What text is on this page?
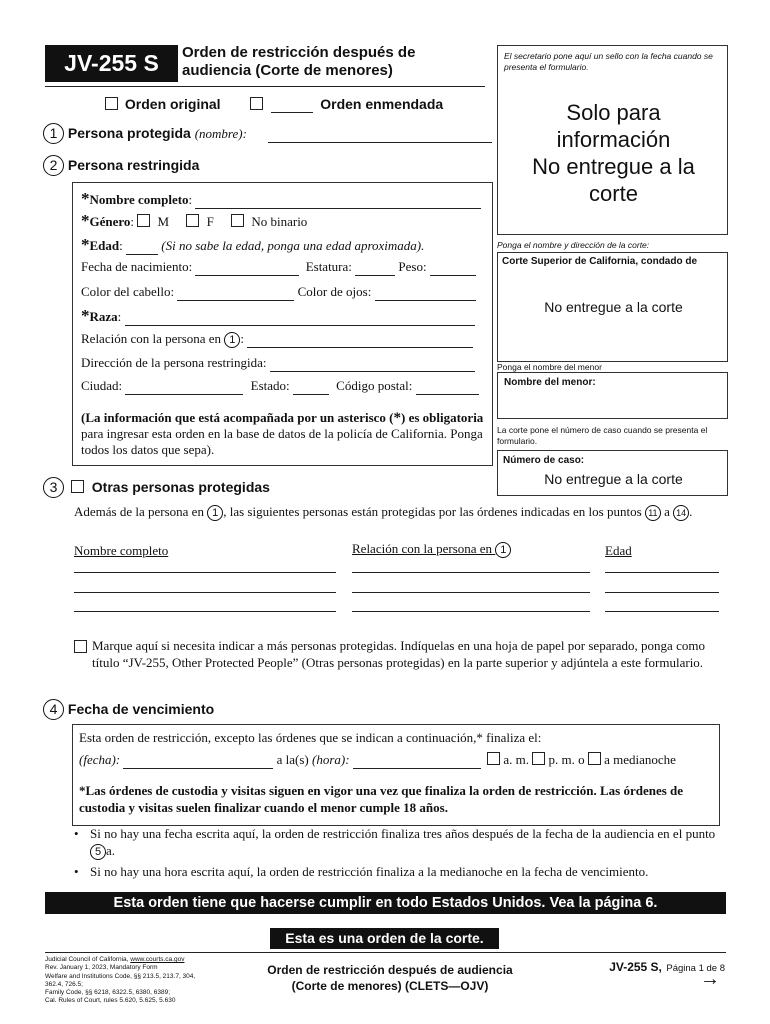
JV-255 S	Orden de restricción después de
audiencia (Corte de menores)
Orden original	Orden enmendada
El secretario pone aquí un sello con la fecha cuando se presenta el formulario.
Solo para
información
No entregue a la
corte
Ponga el nombre y dirección de la corte:
Corte Superior de California, condado de
No entregue a la corte
Ponga el nombre del menor
Nombre del menor:
La corte pone el número de caso cuando se presenta el formulario.
Número de caso:
No entregue a la corte
1 Persona protegida (nombre):
2 Persona restringida
*Nombre completo:
*Género:  M	F	No binario
*Edad:	(Si no sabe la edad, ponga una edad aproximada).
Fecha de nacimiento:	Estatura:	Peso:
Color del cabello:	Color de ojos:
*Raza:
Relación con la persona en 1 :
Dirección de la persona restringida:
Ciudad:	Estado:	Código postal:
(La información que está acompañada por un asterisco (*) es obligatoria para ingresar esta orden en la base de datos de la policía de California. Ponga todos los datos que sepa).
3 Otras personas protegidas
Además de la persona en 1 , las siguientes personas están protegidas por las órdenes indicadas en los puntos 11 a 14 .
Nombre completo	Relación con la persona en 1	Edad
Marque aquí si necesita indicar a más personas protegidas. Indíquelas en una hoja de papel por separado, ponga como título “JV-255, Other Protected People” (Otras personas protegidas) en la parte superior y adjúntela a este formulario.
4 Fecha de vencimiento
Esta orden de restricción, excepto las órdenes que se indican a continuación,* finaliza el:
(fecha):	a la(s) (hora):	a. m. p. m. o a medianoche
*Las órdenes de custodia y visitas siguen en vigor una vez que finaliza la orden de restricción. Las órdenes de custodia y visitas suelen finalizar cuando el menor cumple 18 años.
• Si no hay una fecha escrita aquí, la orden de restricción finaliza tres años después de la fecha de la audiencia en el punto 5 a.
• Si no hay una hora escrita aquí, la orden de restricción finaliza a la medianoche en la fecha de vencimiento.
Esta orden tiene que hacerse cumplir en todo Estados Unidos. Vea la página 6.
Esta es una orden de la corte.
Judicial Council of California, www.courts.ca.gov
Rev. January 1, 2023, Mandatory Form
Welfare and Institutions Code, §§ 213.5, 213.7, 304,
362.4, 726.5;
Family Code, §§ 6218, 6322.5, 6380, 6389;
Cal. Rules of Court, rules 5.620, 5.625, 5.630
Orden de restricción después de audiencia
(Corte de menores) (CLETS—OJV)
JV-255 S, Página 1 de 8
→
